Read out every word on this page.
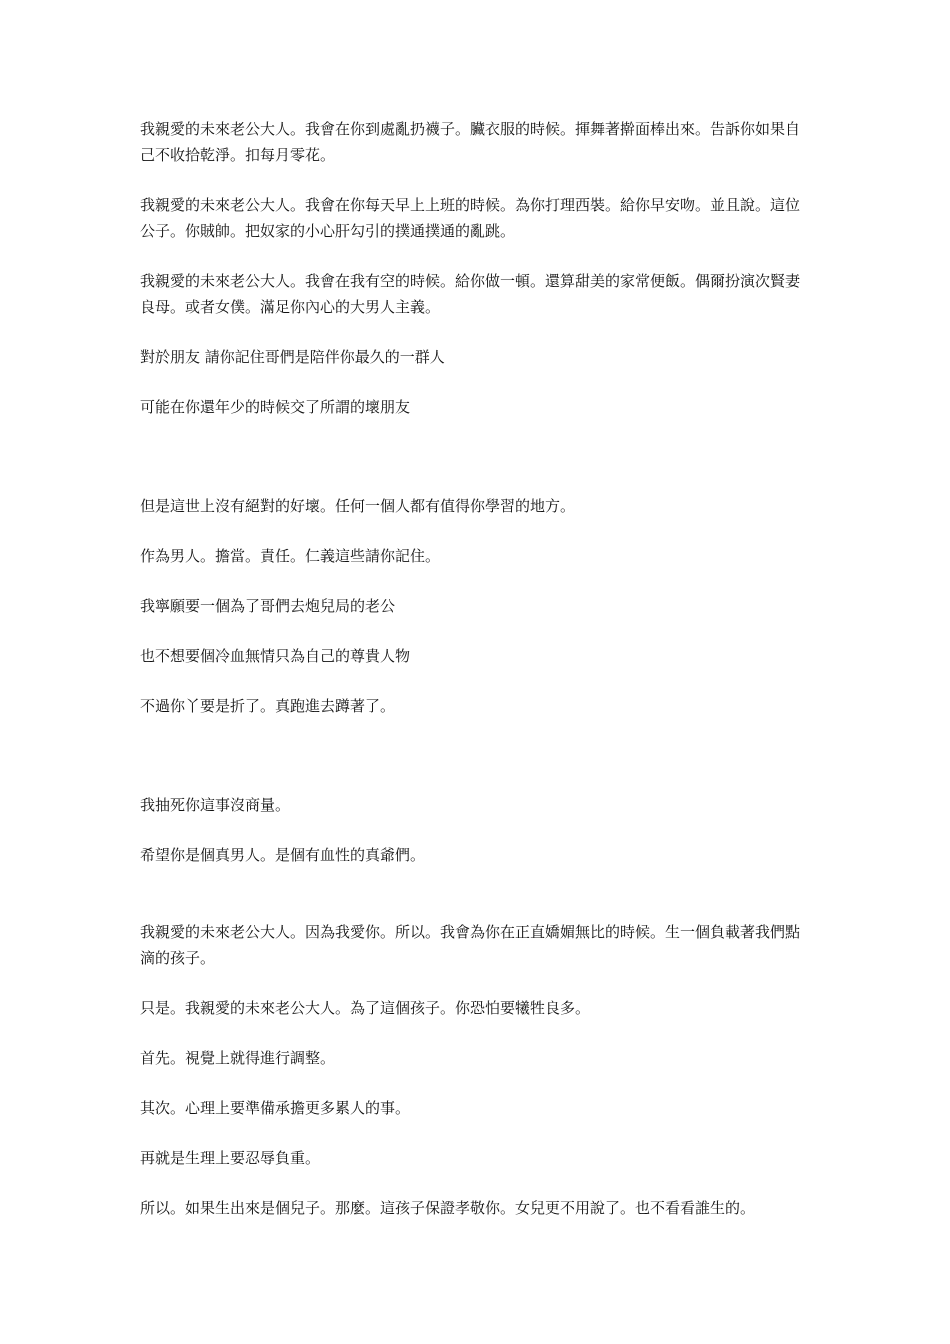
我親愛的未來老公大人。我會在你到處亂扔襪子。臟衣服的時候。揮舞著擀面棒出來。告訴你如果自己不收拾乾淨。扣每月零花。

我親愛的未來老公大人。我會在你每天早上上班的時候。為你打理西裝。給你早安吻。並且說。這位公子。你賊帥。把奴家的小心肝勾引的撲通撲通的亂跳。

我親愛的未來老公大人。我會在我有空的時候。給你做一頓。還算甜美的家常便飯。偶爾扮演次賢妻良母。或者女僕。滿足你內心的大男人主義。

對於朋友 請你記住哥們是陪伴你最久的一群人

可能在你還年少的時候交了所謂的壞朋友

但是這世上沒有絕對的好壞。任何一個人都有值得你學習的地方。

作為男人。擔當。責任。仁義這些請你記住。

我寧願要一個為了哥們去炮兒局的老公

也不想要個冷血無情只為自己的尊貴人物

不過你丫要是折了。真跑進去蹲著了。

我抽死你這事沒商量。

希望你是個真男人。是個有血性的真爺們。

我親愛的未來老公大人。因為我愛你。所以。我會為你在正直嬌媚無比的時候。生一個負載著我們點滴的孩子。

只是。我親愛的未來老公大人。為了這個孩子。你恐怕要犧牲良多。

首先。視覺上就得進行調整。

其次。心理上要準備承擔更多累人的事。

再就是生理上要忍辱負重。

所以。如果生出來是個兒子。那麼。這孩子保證孝敬你。女兒更不用說了。也不看看誰生的。
